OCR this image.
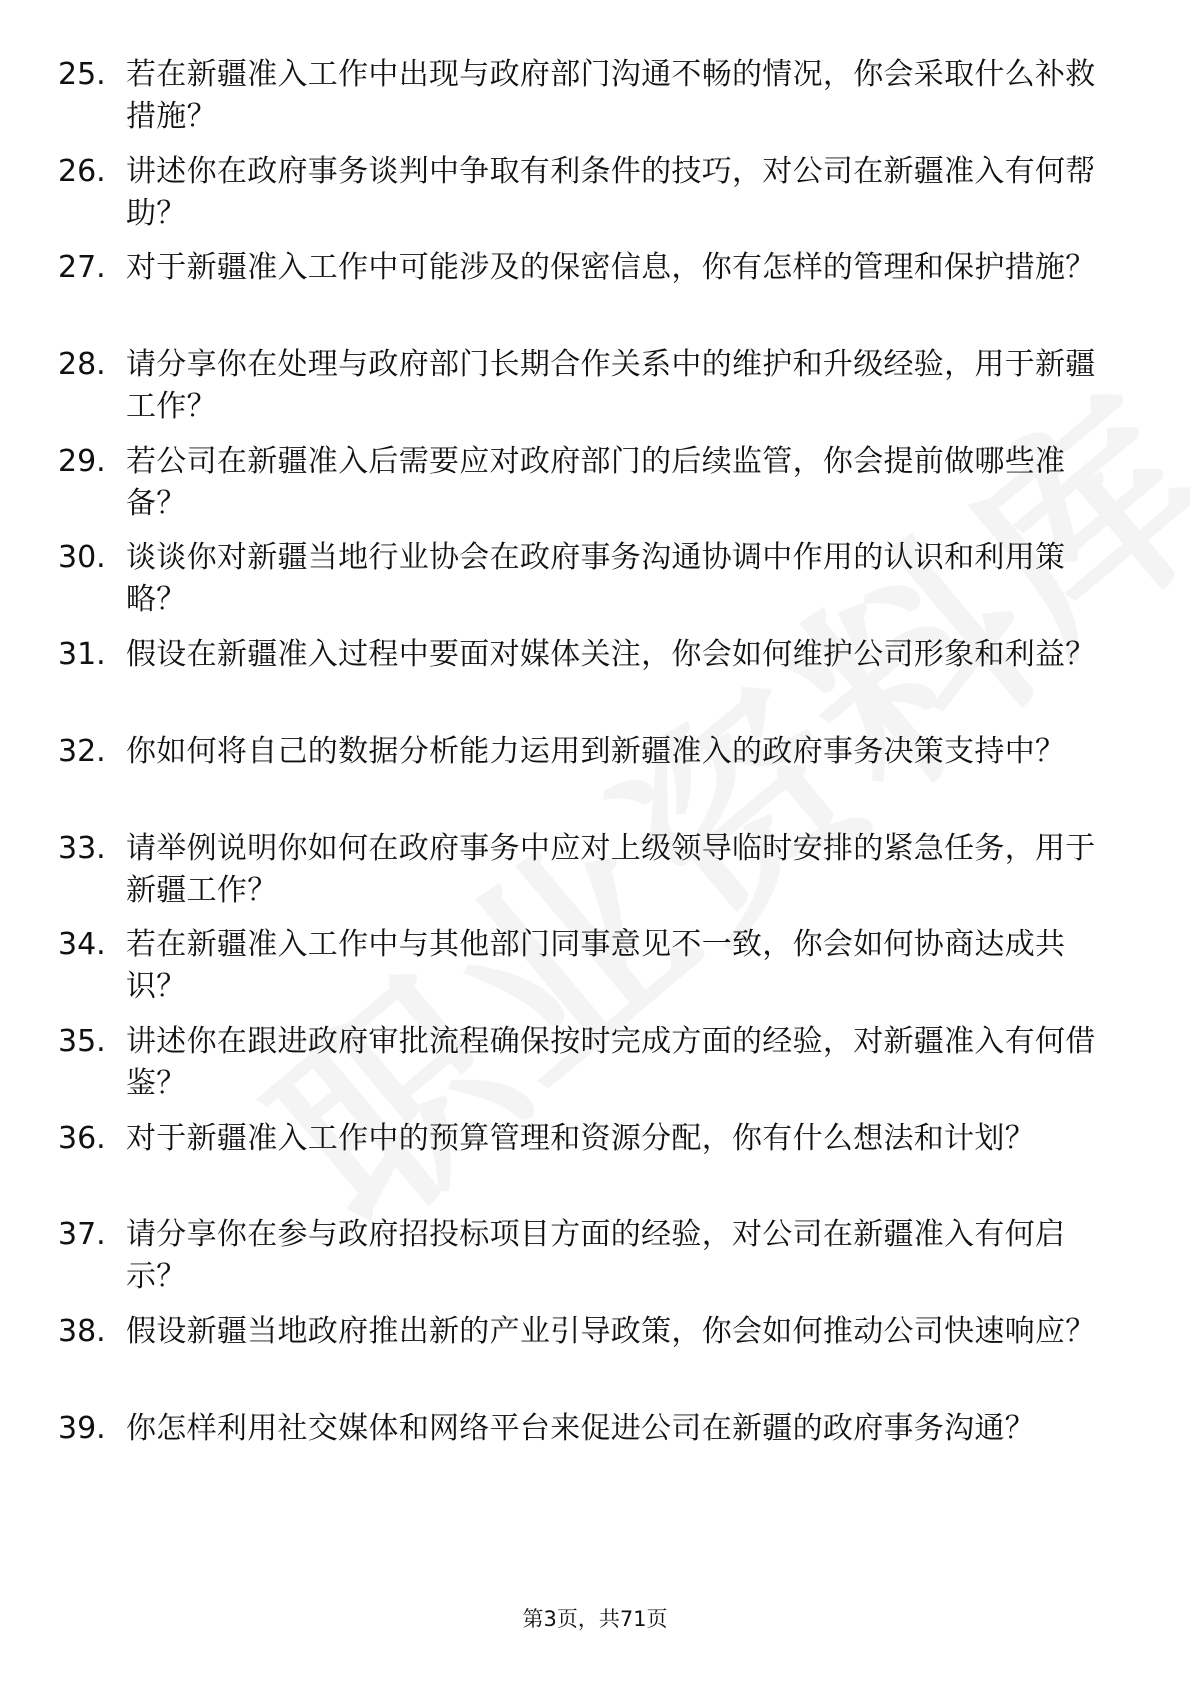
25. 若在新疆准入工作中出现与政府部门沟通不畅的情况，你会采取什么补救措施？
26. 讲述你在政府事务谈判中争取有利条件的技巧，对公司在新疆准入有何帮助？
27. 对于新疆准入工作中可能涉及的保密信息，你有怎样的管理和保护措施？
28. 请分享你在处理与政府部门长期合作关系中的维护和升级经验，用于新疆工作？
29. 若公司在新疆准入后需要应对政府部门的后续监管，你会提前做哪些准备？
30. 谈谈你对新疆当地行业协会在政府事务沟通协调中作用的认识和利用策略？
31. 假设在新疆准入过程中要面对媒体关注，你会如何维护公司形象和利益？
32. 你如何将自己的数据分析能力运用到新疆准入的政府事务决策支持中？
33. 请举例说明你如何在政府事务中应对上级领导临时安排的紧急任务，用于新疆工作？
34. 若在新疆准入工作中与其他部门同事意见不一致，你会如何协商达成共识？
35. 讲述你在跟进政府审批流程确保按时完成方面的经验，对新疆准入有何借鉴？
36. 对于新疆准入工作中的预算管理和资源分配，你有什么想法和计划？
37. 请分享你在参与政府招投标项目方面的经验，对公司在新疆准入有何启示？
38. 假设新疆当地政府推出新的产业引导政策，你会如何推动公司快速响应？
39. 你怎样利用社交媒体和网络平台来促进公司在新疆的政府事务沟通？
第3页，共71页
